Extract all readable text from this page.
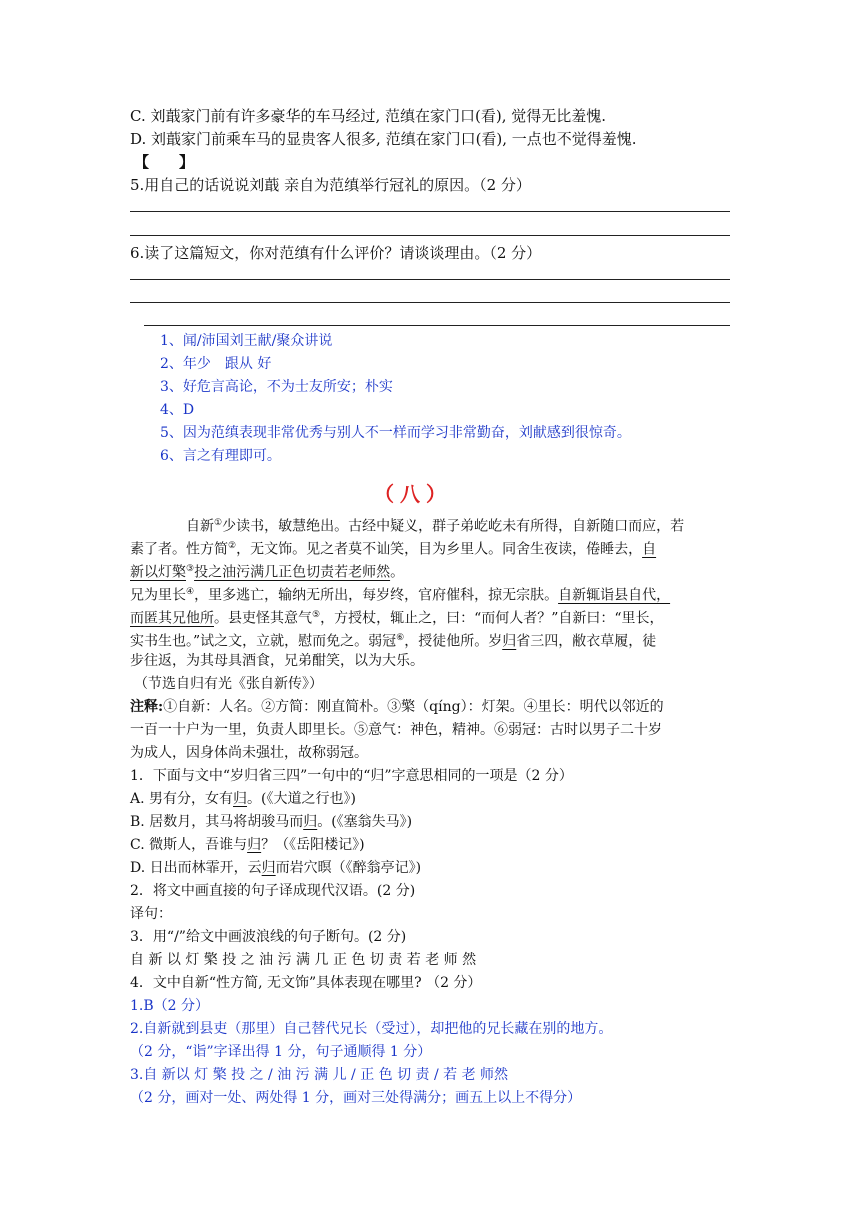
C. 刘蕺家门前有许多豪华的车马经过, 范缜在家门口(看), 觉得无比羞愧.
D. 刘蕺家门前乘车马的显贵客人很多, 范缜在家门口(看), 一点也不觉得羞愧.
【　　】
5.用自己的话说说刘蕺 亲自为范缜举行冠礼的原因。（2 分）
6.读了这篇短文，你对范缜有什么评价？请谈谈理由。（2 分）
1、闻/沛国刘王献/聚众讲说
2、年少　跟从 好
3、好危言高论，不为士友所安；朴实
4、D
5、因为范缜表现非常优秀与别人不一样而学习非常勤奋，刘献感到很惊奇。
6、言之有理即可。
（八）
自新①少读书，敏慧绝出。古经中疑义，群子弟屹屹未有所得，自新随口而应，若
素了者。性方简②，无文饰。见之者莫不讪笑，目为乡里人。同舍生夜读，倦睡去，自
新以灯檠③投之油污满几正色切责若老师然。
兄为里长④，里多逃亡，输纳无所出，每岁终，官府催科，掠无宗肤。自新辄诣县自代，
而匿其兄他所。县吏怪其意气⑤，方授杖，辄止之，曰：“而何人者？”自新曰：“里长，
实书生也。”试之文，立就，慰而免之。弱冠⑥，授徒他所。岁归省三四，敝衣草履，徒
步往返，为其母具酒食，兄弟酣笑，以为大乐。
（节选自归有光《张自新传》）
注释:①自新：人名。②方简：刚直简朴。③檠（qíng）：灯架。④里长：明代以邻近的
一百一十户为一里，负责人即里长。⑤意气：神色，精神。⑥弱冠：古时以男子二十岁
为成人，因身体尚未强壮，故称弱冠。
1．下面与文中“岁归省三四”一句中的“归”字意思相同的一项是（2 分）
A. 男有分，女有归。(《大道之行也》)
B. 居数月，其马将胡骏马而归。(《塞翁失马》)
C. 微斯人，吾谁与归？（《岳阳楼记》)
D. 日出而林霏开，云归而岩穴暝（《醉翁亭记》)
2．将文中画直接的句子译成现代汉语。(2 分)
译句：
3．用“/”给文中画波浪线的句子断句。(2 分)
自 新 以 灯 檠 投 之 油 污 满 几 正 色 切 责 若 老 师 然
4．文中自新“性方简, 无文饰”具体表现在哪里? （2 分）
1.B（2 分）
2.自新就到县吏（那里）自己替代兄长（受过），却把他的兄长藏在别的地方。
（2 分，“诣”字译出得 1 分，句子通顺得 1 分）
3.自 新以 灯 檠 投 之 / 油 污 满 儿 / 正 色 切 责 / 若 老 师然
（2 分，画对一处、两处得 1 分，画对三处得满分；画五上以上不得分）
